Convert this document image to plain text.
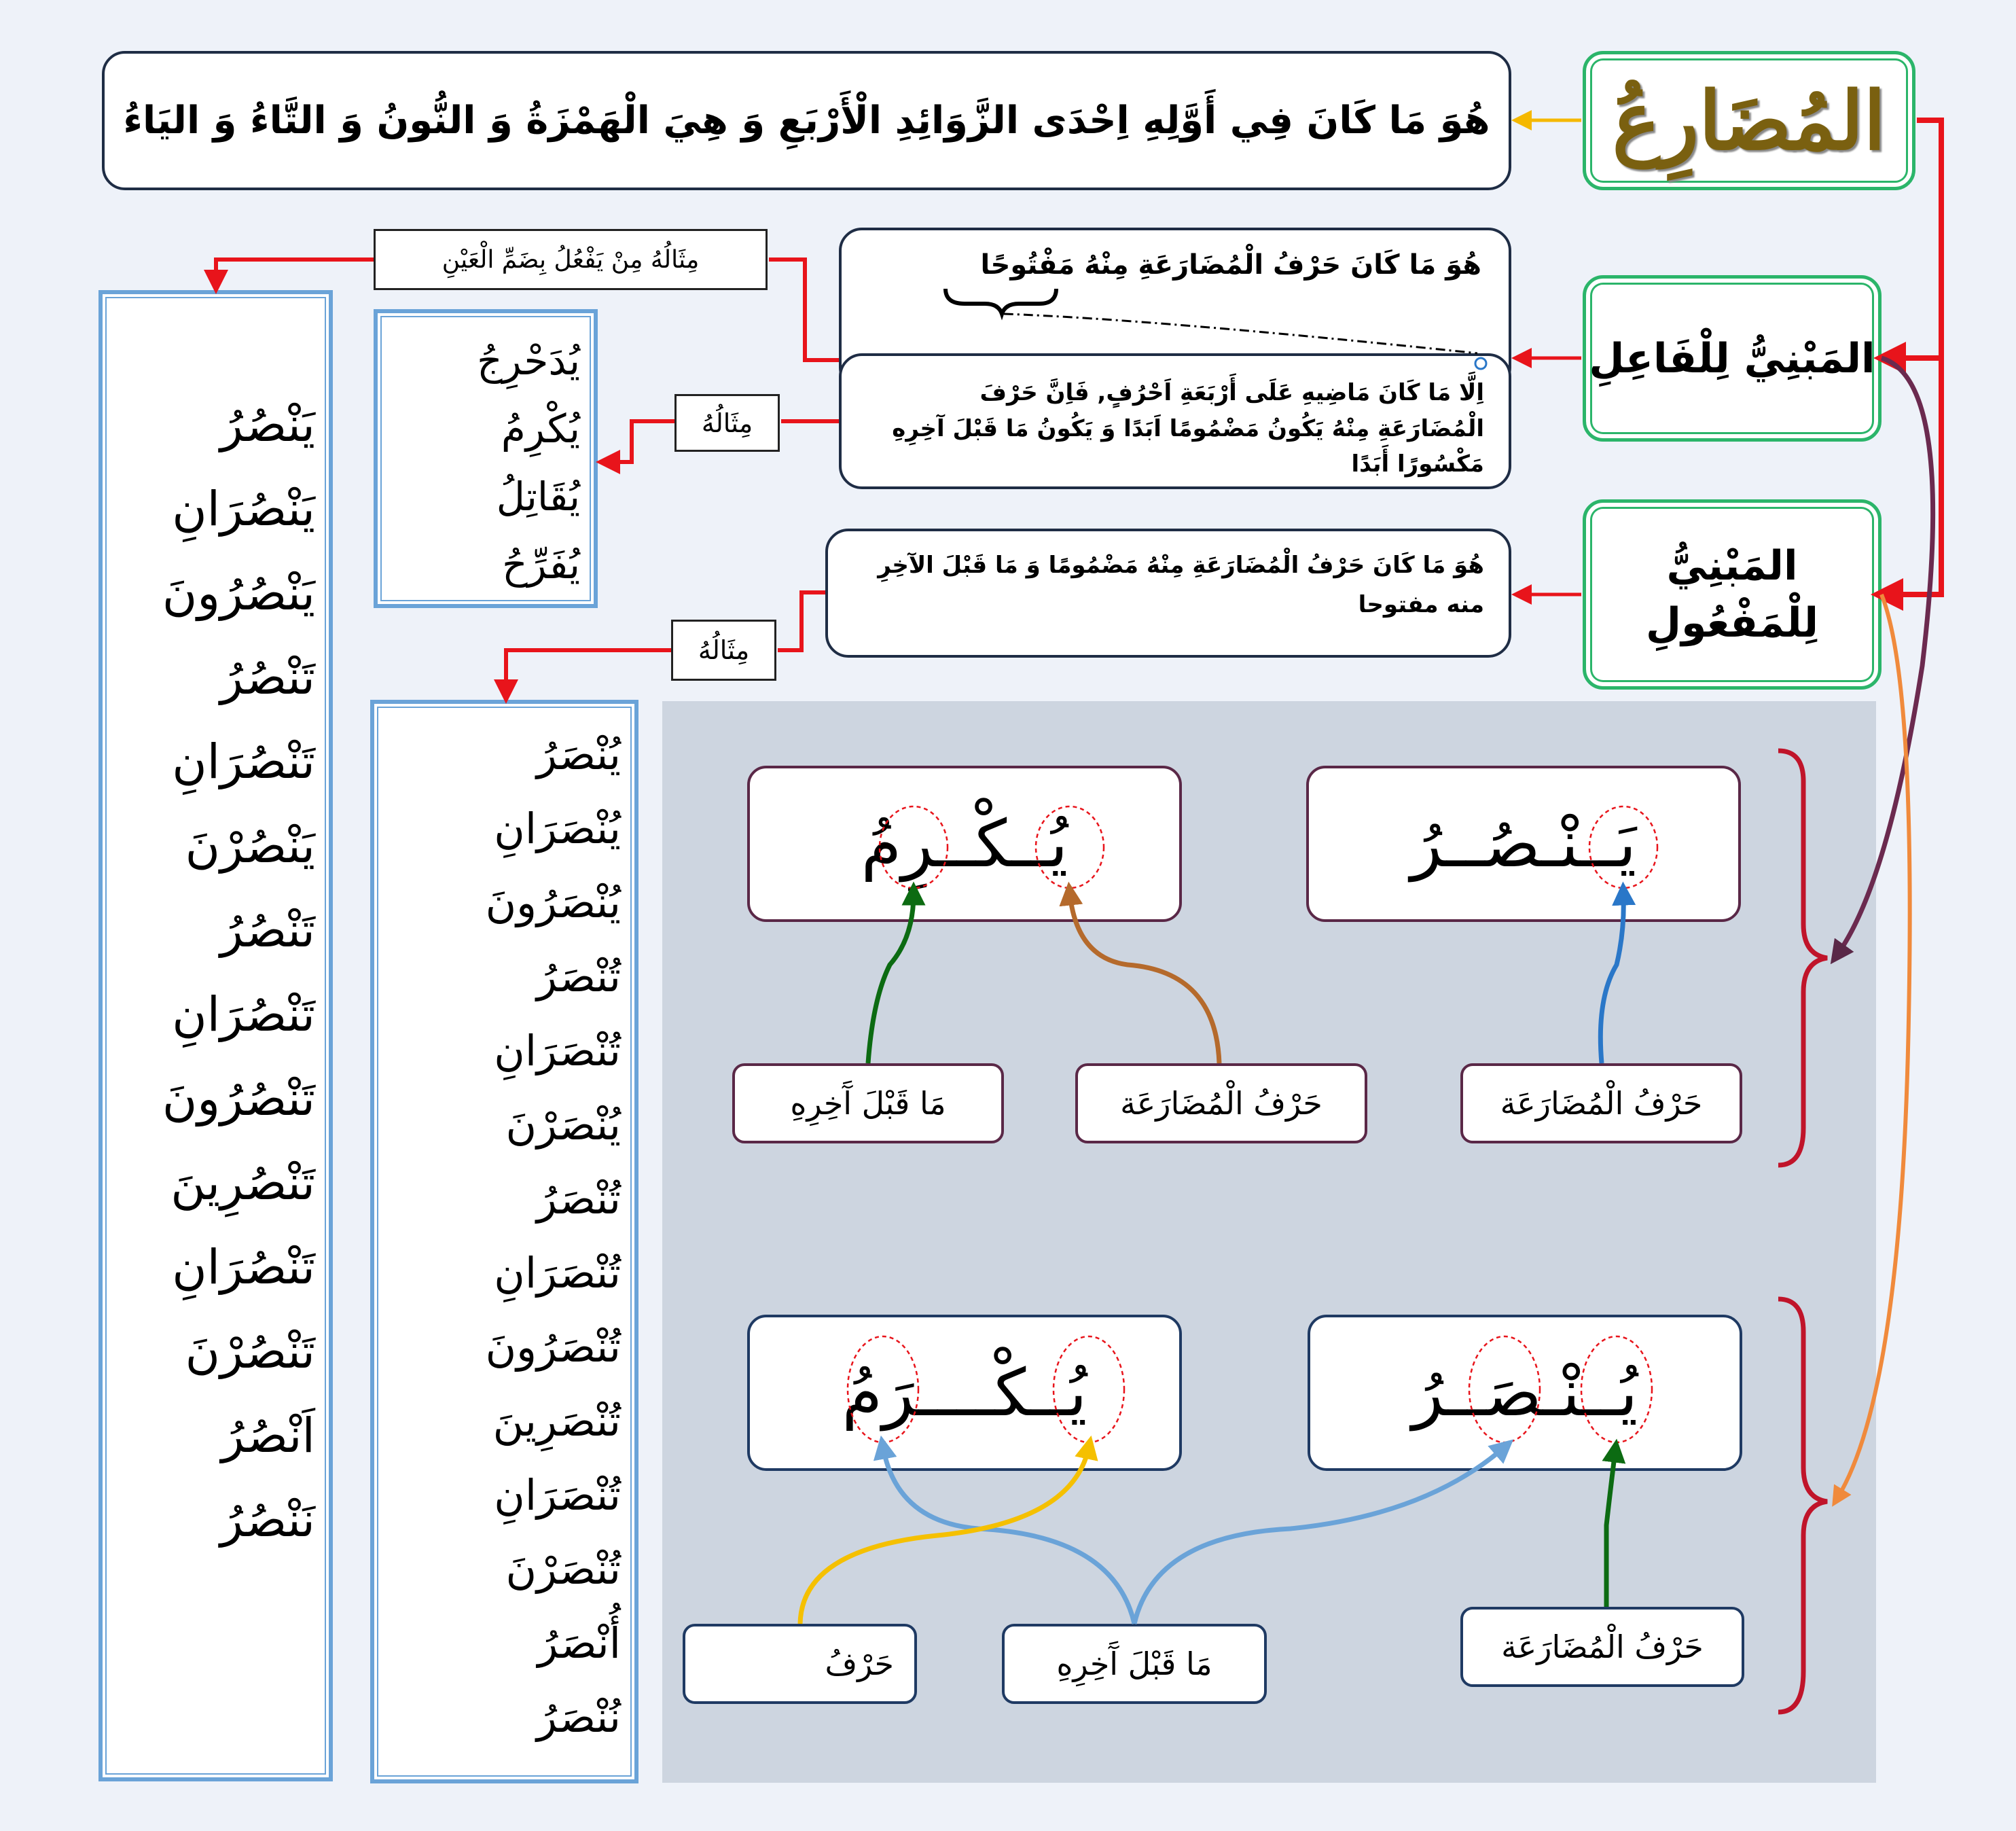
المُضَارِعُ
هُوَ مَا كَانَ فِي أَوَّلِهِ اِحْدَى الزَّوَائِدِ الْأَرْبَعِ وَ هِيَ الْهَمْزَةُ وَ النُّونُ وَ التَّاءُ وَ اليَاءُ
المَبْنِيُّ لِلْفَاعِلِ
المَبْنِيُّ
لِلْمَفْعُولِ
هُوَ مَا كَانَ حَرْفُ الْمُضَارَعَةِ مِنْهُ مَفْتُوحًا
اِلَّا مَا كَانَ مَاضِيهِ عَلَى أَرْبَعَةِ اَحْرُفٍ, فَاِنَّ حَرْفَ الْمُضَارَعَةِ مِنْهُ يَكُونُ مَضْمُومًا اَبَدًا وَ يَكُونُ مَا قَبْلَ آخِرِهِ مَكْسُورًا أَبَدًا
هُوَ مَا كَانَ حَرْفُ الْمُضَارَعَةِ مِنْهُ مَضْمُومًا وَ مَا قَبْلَ الآخِرِ منه مفتوحا
مِثَالُهُ مِنْ يَفْعُلُ بِضَمِّ الْعَيْنِ
مِثَالُهُ
مِثَالُهُ
يُدَحْرِجُ
يُكْرِمُ
يُقَاتِلُ
يُفَرِّحُ
يَنْصُرُ
يَنْصُرَانِ
يَنْصُرُونَ
تَنْصُرُ
تَنْصُرَانِ
يَنْصُرْنَ
تَنْصُرُ
تَنْصُرَانِ
تَنْصُرُونَ
تَنْصُرِينَ
تَنْصُرَانِ
تَنْصُرْنَ
اَنْصُرُ
نَنْصُرُ
يُنْصَرُ
يُنْصَرَانِ
يُنْصَرُونَ
تُنْصَرُ
تُنْصَرَانِ
يُنْصَرْنَ
تُنْصَرُ
تُنْصَرَانِ
تُنْصَرُونَ
تُنْصَرِينَ
تُنْصَرَانِ
تُنْصَرْنَ
أُنْصَرُ
نُنْصَرُ
يَــنْـصُــرُ
يُــكْــرِمُ
يُــنْـصَــرُ
يُــكْــــرَمُ
حَرْفُ الْمُضَارَعَة
حَرْفُ الْمُضَارَعَة
مَا قَبْلَ آَخِرِهِ
حَرْفُ الْمُضَارَعَة
مَا قَبْلَ آَخِرِهِ
حَرْفُ
